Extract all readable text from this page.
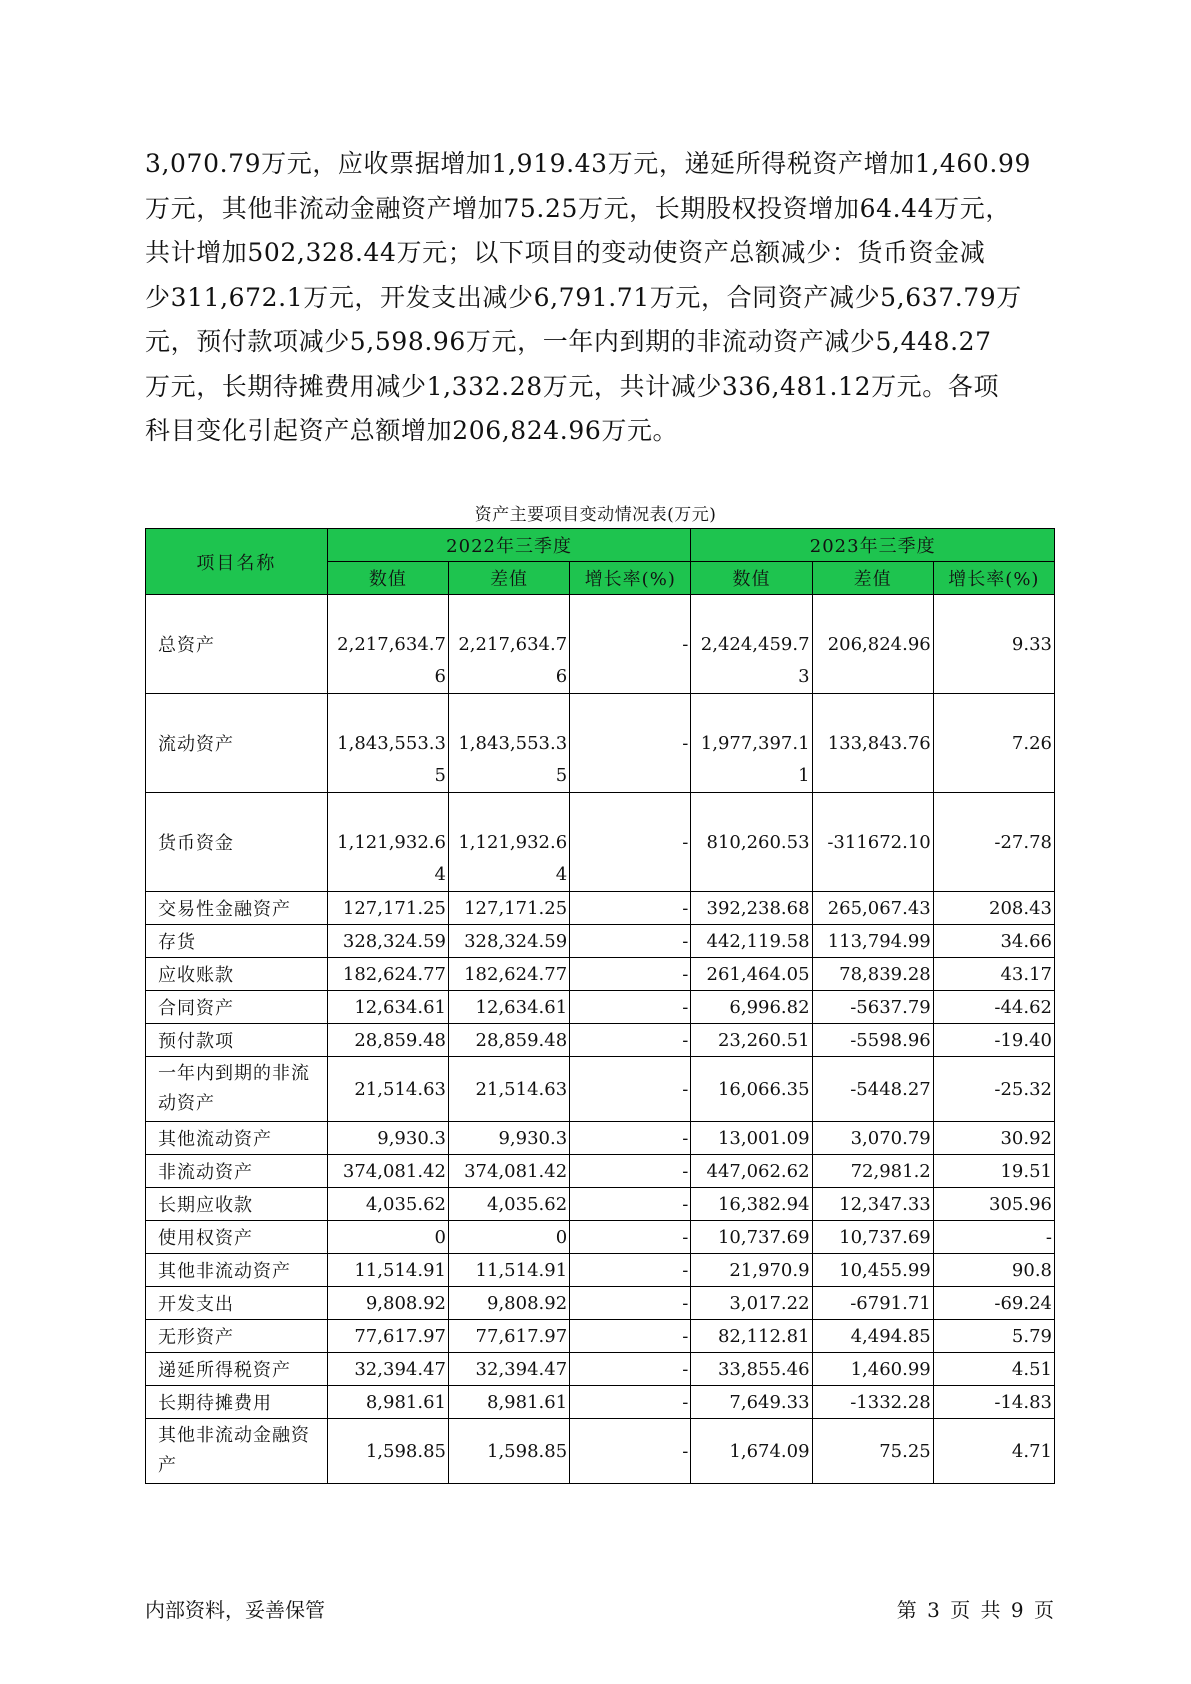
3,070.79万元，应收票据增加1,919.43万元，递延所得税资产增加1,460.99
万元，其他非流动金融资产增加75.25万元，长期股权投资增加64.44万元，
共计增加502,328.44万元；以下项目的变动使资产总额减少：货币资金减
少311,672.1万元，开发支出减少6,791.71万元，合同资产减少5,637.79万
元，预付款项减少5,598.96万元，一年内到期的非流动资产减少5,448.27
万元，长期待摊费用减少1,332.28万元，共计减少336,481.12万元。各项
科目变化引起资产总额增加206,824.96万元。
资产主要项目变动情况表(万元)
项目名称	2022年三季度			2023年三季度		
	数值	差值	增长率(%)	数值	差值	增长率(%)
总资产	2,217,634.76	2,217,634.76	-	2,424,459.73	206,824.96	9.33
流动资产	1,843,553.35	1,843,553.35	-	1,977,397.11	133,843.76	7.26
货币资金	1,121,932.64	1,121,932.64	-	810,260.53	-311672.10	-27.78
交易性金融资产	127,171.25	127,171.25	-	392,238.68	265,067.43	208.43
存货	328,324.59	328,324.59	-	442,119.58	113,794.99	34.66
应收账款	182,624.77	182,624.77	-	261,464.05	78,839.28	43.17
合同资产	12,634.61	12,634.61	-	6,996.82	-5637.79	-44.62
预付款项	28,859.48	28,859.48	-	23,260.51	-5598.96	-19.40
一年内到期的非流动资产	21,514.63	21,514.63	-	16,066.35	-5448.27	-25.32
其他流动资产	9,930.3	9,930.3	-	13,001.09	3,070.79	30.92
非流动资产	374,081.42	374,081.42	-	447,062.62	72,981.2	19.51
长期应收款	4,035.62	4,035.62	-	16,382.94	12,347.33	305.96
使用权资产	0	0	-	10,737.69	10,737.69	-
其他非流动资产	11,514.91	11,514.91	-	21,970.9	10,455.99	90.8
开发支出	9,808.92	9,808.92	-	3,017.22	-6791.71	-69.24
无形资产	77,617.97	77,617.97	-	82,112.81	4,494.85	5.79
递延所得税资产	32,394.47	32,394.47	-	33,855.46	1,460.99	4.51
长期待摊费用	8,981.61	8,981.61	-	7,649.33	-1332.28	-14.83
其他非流动金融资产	1,598.85	1,598.85	-	1,674.09	75.25	4.71
内部资料，妥善保管	第 3 页 共 9 页
